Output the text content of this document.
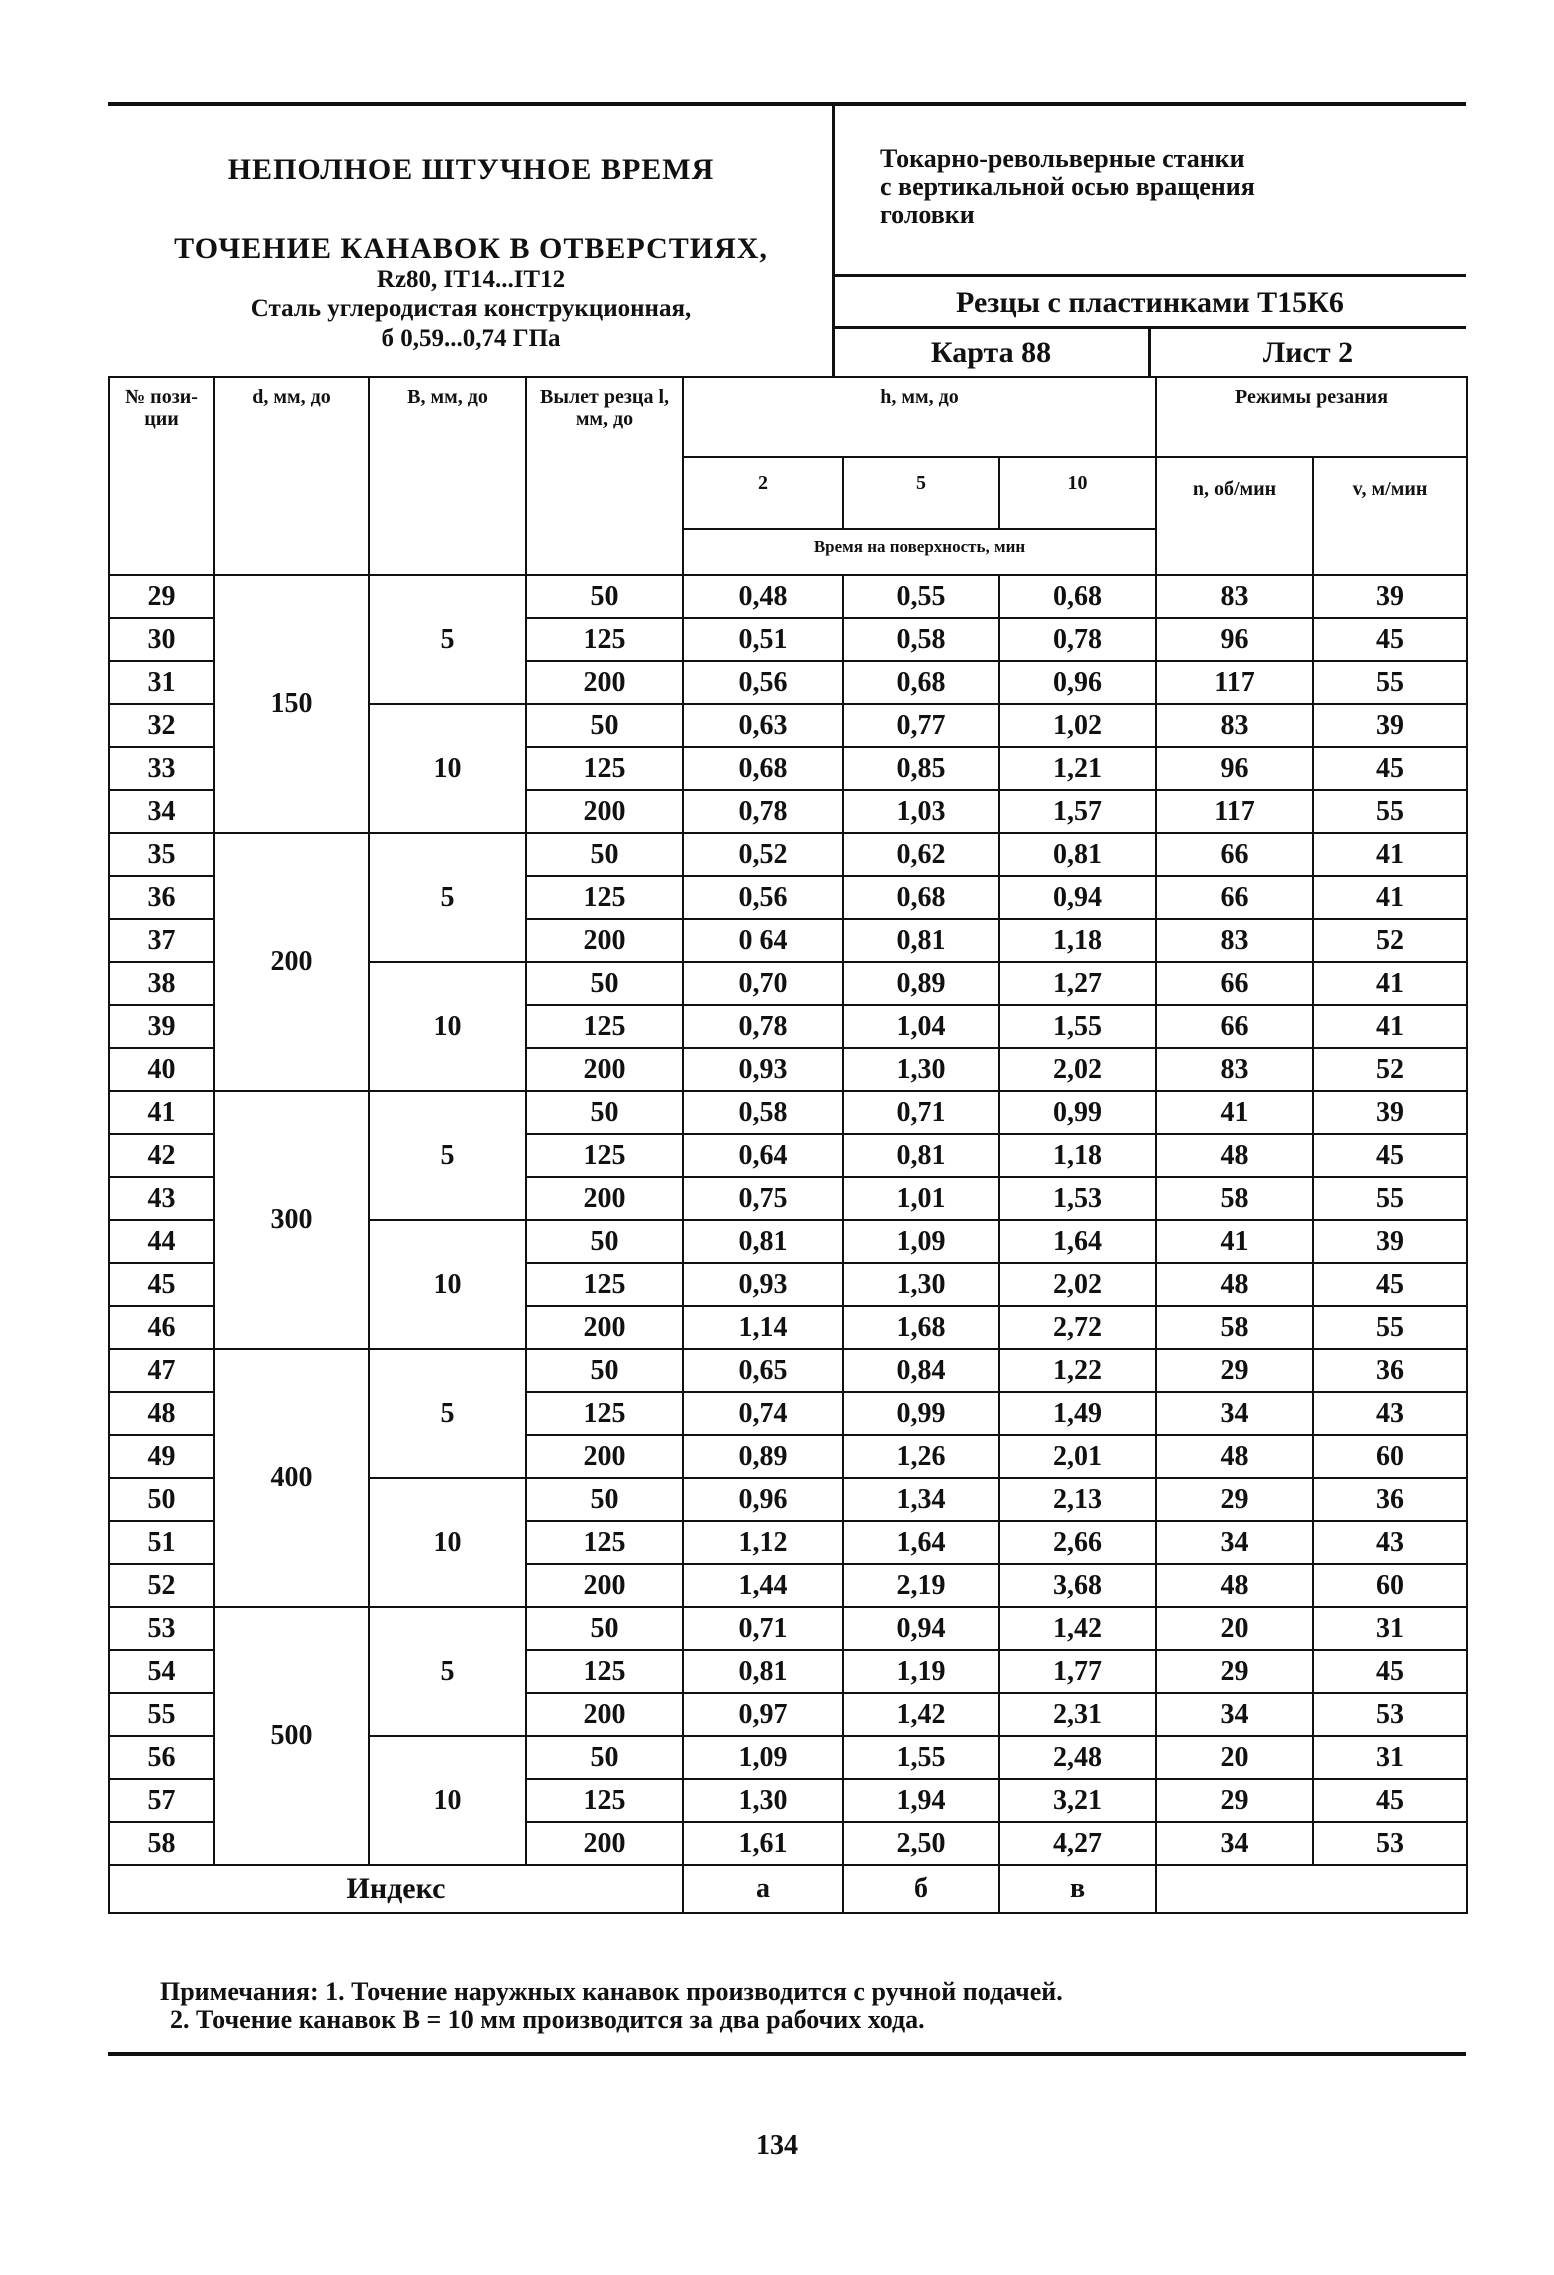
НЕПОЛНОЕ ШТУЧНОЕ ВРЕМЯ
ТОЧЕНИЕ КАНАВОК В ОТВЕРСТИЯХ,
Rz80, IT14...IT12
Сталь углеродистая конструкционная,
б 0,59...0,74 ГПа
Токарно-револьверные станки
с вертикальной осью вращения
головки
Резцы с пластинками Т15К6
Карта 88	Лист 2
№ пози-ции	d, мм, до	B, мм, до	Вылет резца l, мм, до	h, мм, до			Режимы резания	
				2	5	10	n, об/мин	v, м/мин
				Время на поверхность, мин				
29	150	5	50	0,48	0,55	0,68	83	39
30			125	0,51	0,58	0,78	96	45
31			200	0,56	0,68	0,96	117	55
32		10	50	0,63	0,77	1,02	83	39
33			125	0,68	0,85	1,21	96	45
34			200	0,78	1,03	1,57	117	55
35	200	5	50	0,52	0,62	0,81	66	41
36			125	0,56	0,68	0,94	66	41
37			200	0 64	0,81	1,18	83	52
38		10	50	0,70	0,89	1,27	66	41
39			125	0,78	1,04	1,55	66	41
40			200	0,93	1,30	2,02	83	52
41	300	5	50	0,58	0,71	0,99	41	39
42			125	0,64	0,81	1,18	48	45
43			200	0,75	1,01	1,53	58	55
44		10	50	0,81	1,09	1,64	41	39
45			125	0,93	1,30	2,02	48	45
46			200	1,14	1,68	2,72	58	55
47	400	5	50	0,65	0,84	1,22	29	36
48			125	0,74	0,99	1,49	34	43
49			200	0,89	1,26	2,01	48	60
50		10	50	0,96	1,34	2,13	29	36
51			125	1,12	1,64	2,66	34	43
52			200	1,44	2,19	3,68	48	60
53	500	5	50	0,71	0,94	1,42	20	31
54			125	0,81	1,19	1,77	29	45
55			200	0,97	1,42	2,31	34	53
56		10	50	1,09	1,55	2,48	20	31
57			125	1,30	1,94	3,21	29	45
58			200	1,61	2,50	4,27	34	53
Индекс				а	б	в		
Примечания: 1. Точение наружных канавок производится с ручной подачей.
2. Точение канавок B = 10 мм производится за два рабочих хода.
134
